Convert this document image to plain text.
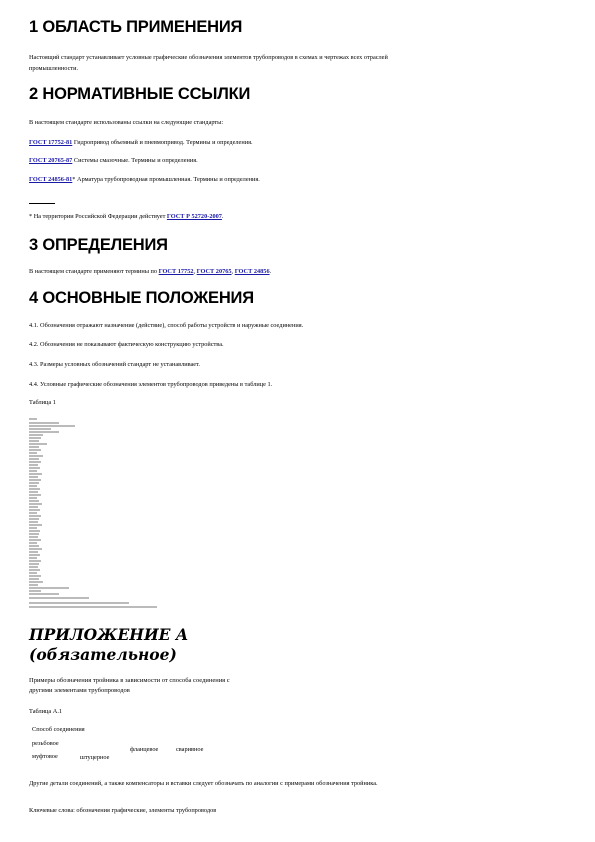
1 ОБЛАСТЬ ПРИМЕНЕНИЯ
Настоящий стандарт устанавливает условные графические обозначения элементов трубопроводов в схемах и чертежах всех отраслей
промышленности.
2 НОРМАТИВНЫЕ ССЫЛКИ
В настоящем стандарте использованы ссылки на следующие стандарты:
ГОСТ 17752-81 Гидропривод объемный и пневмопривод. Термины и определения.
ГОСТ 20765-87 Системы смазочные. Термины и определения.
ГОСТ 24856-81* Арматура трубопроводная промышленная. Термины и определения.
* На территории Российской Федерации действует ГОСТ Р 52720-2007.
3 ОПРЕДЕЛЕНИЯ
В настоящем стандарте применяют термины по ГОСТ 17752, ГОСТ 20765, ГОСТ 24856.
4 ОСНОВНЫЕ ПОЛОЖЕНИЯ
4.1. Обозначения отражают назначение (действие), способ работы устройств и наружные соединения.
4.2. Обозначения не показывают фактическую конструкцию устройства.
4.3. Размеры условных обозначений стандарт не устанавливает.
4.4. Условные графические обозначения элементов трубопроводов приведены в таблице 1.
Таблица 1
ПРИЛОЖЕНИЕ А
(обязательное)
Примеры обозначения тройника в зависимости от способа соединения с
другими элементами трубопроводов
Таблица А.1
Способ соединения
резьбовое
муфтовое	штуцерное
фланцевое	сваривное
Другие детали соединений, а также компенсаторы и вставки следует обозначать по аналогии с примерами обозначения тройника.
Ключевые слова: обозначения графические, элементы трубопроводов
